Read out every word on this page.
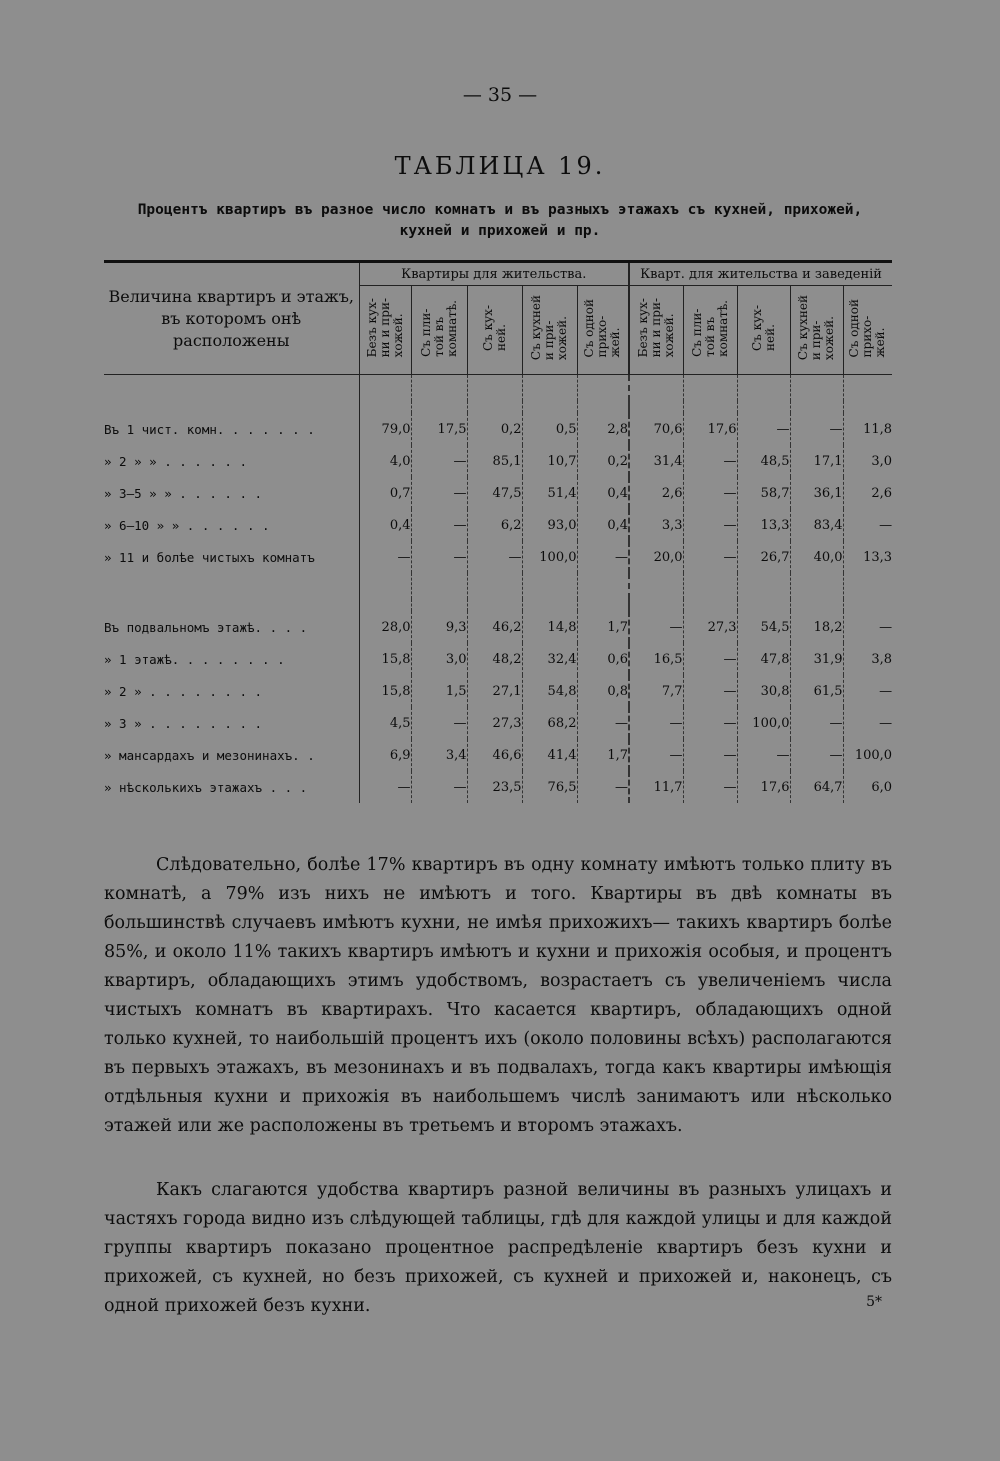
— 35 —
ТАБЛИЦА 19.
Процентъ квартиръ въ разное число комнатъ и въ разныхъ этажахъ съ кухней, прихожей, кухней и прихожей и пр.
Величина квартиръ и этажъ, въ которомъ онѣ расположены	Квартиры для жительства.					Кварт. для жительства и заведеній				
	Безъ кух-
ни и при-
хожей.	Съ пли-
той въ
комнатѣ.	Съ кух-
ней.	Съ кухней
и при-
хожей.	Съ одной
прихо-
жей.	Безъ кух-
ни и при-
хожей.	Съ пли-
той въ
комнатѣ.	Съ кух-
ней.	Съ кухней
и при-
хожей.	Съ одной
прихо-
жей.

Въ 1 чист. комн. . . . . . .	79,0	17,5	0,2	0,5	2,8	70,6	17,6	—	—	11,8
» 2 » » . . . . . .	4,0	—	85,1	10,7	0,2	31,4	—	48,5	17,1	3,0
» 3—5 » » . . . . . .	0,7	—	47,5	51,4	0,4	2,6	—	58,7	36,1	2,6
» 6—10 » » . . . . . .	0,4	—	6,2	93,0	0,4	3,3	—	13,3	83,4	—
» 11 и болѣе чистыхъ комнатъ	—	—	—	100,0	—	20,0	—	26,7	40,0	13,3

Въ подвальномъ этажѣ. . . .	28,0	9,3	46,2	14,8	1,7	—	27,3	54,5	18,2	—
» 1 этажѣ. . . . . . . .	15,8	3,0	48,2	32,4	0,6	16,5	—	47,8	31,9	3,8
» 2 » . . . . . . . .	15,8	1,5	27,1	54,8	0,8	7,7	—	30,8	61,5	—
» 3 » . . . . . . . .	4,5	—	27,3	68,2	—	—	—	100,0	—	—
» мансардахъ и мезонинахъ. .	6,9	3,4	46,6	41,4	1,7	—	—	—	—	100,0
» нѣсколькихъ этажахъ . . .	—	—	23,5	76,5	—	11,7	—	17,6	64,7	6,0

Слѣдовательно, болѣе 17% квартиръ въ одну комнату имѣютъ только плиту въ комнатѣ, а 79% изъ нихъ не имѣютъ и того. Квартиры въ двѣ комнаты въ большинствѣ случаевъ имѣютъ кухни, не имѣя прихожихъ— такихъ квартиръ болѣе 85%, и около 11% такихъ квартиръ имѣютъ и кухни и прихожія особыя, и процентъ квартиръ, обладающихъ этимъ удобствомъ, возрастаетъ съ увеличеніемъ числа чистыхъ комнатъ въ квартирахъ. Что касается квартиръ, обладающихъ одной только кухней, то наибольшій процентъ ихъ (около половины всѣхъ) располагаются въ первыхъ этажахъ, въ мезонинахъ и въ подвалахъ, тогда какъ квартиры имѣющія отдѣльныя кухни и прихожія въ наибольшемъ числѣ занимаютъ или нѣсколько этажей или же расположены въ третьемъ и второмъ этажахъ.

Какъ слагаются удобства квартиръ разной величины въ разныхъ улицахъ и частяхъ города видно изъ слѣдующей таблицы, гдѣ для каждой улицы и для каждой группы квартиръ показано процентное распредѣленіе квартиръ безъ кухни и прихожей, съ кухней, но безъ прихожей, съ кухней и прихожей и, наконецъ, съ одной прихожей безъ кухни.	5*
